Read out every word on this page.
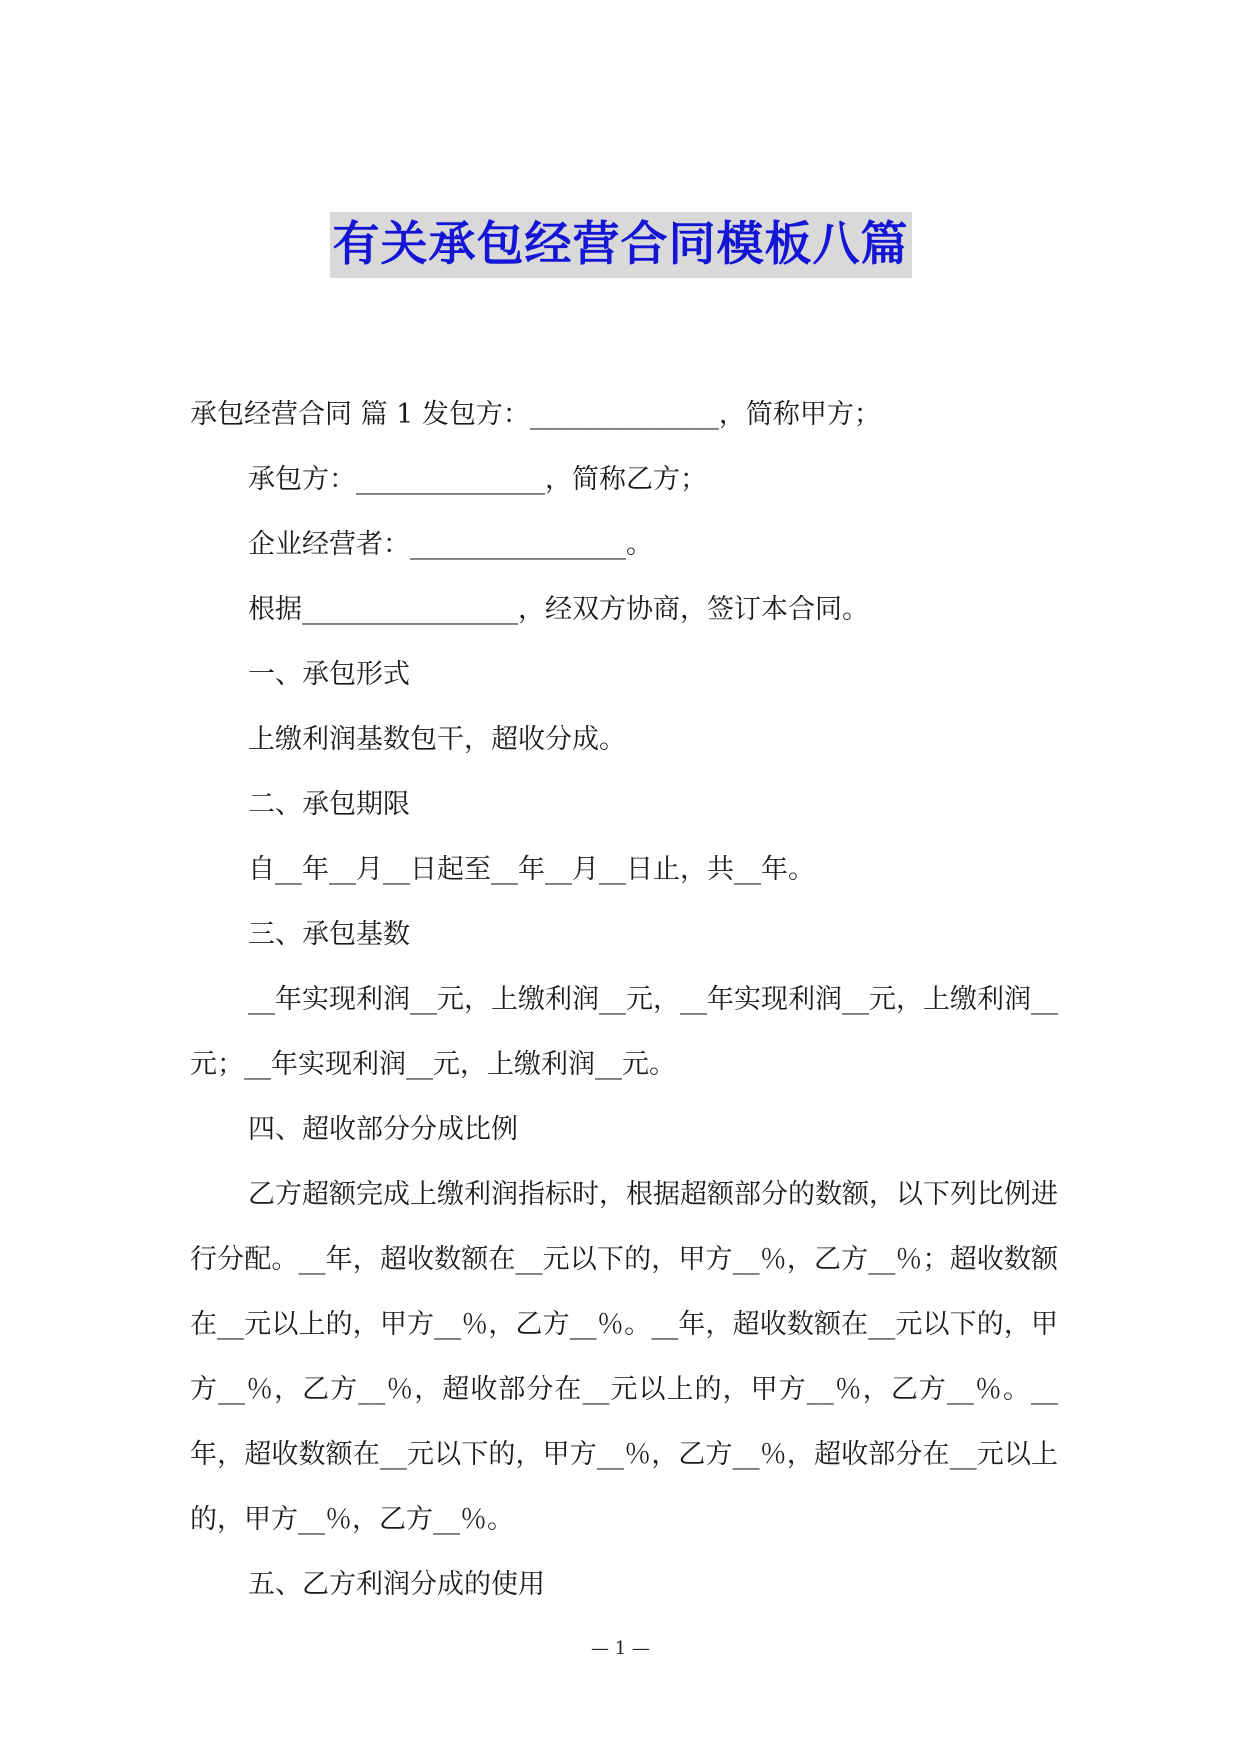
有关承包经营合同模板八篇

承包经营合同 篇 1 发包方：______________，简称甲方；

承包方：______________，简称乙方；

企业经营者：________________。

根据________________，经双方协商，签订本合同。

一、承包形式

上缴利润基数包干，超收分成。

二、承包期限

自__年__月__日起至__年__月__日止，共__年。

三、承包基数

__年实现利润__元，上缴利润__元，__年实现利润__元，上缴利润__元；__年实现利润__元，上缴利润__元。

四、超收部分分成比例

乙方超额完成上缴利润指标时，根据超额部分的数额，以下列比例进行分配。__年，超收数额在__元以下的，甲方__％，乙方__％；超收数额在__元以上的，甲方__％，乙方__％。__年，超收数额在__元以下的，甲方__％，乙方__％，超收部分在__元以上的，甲方__％，乙方__％。__年，超收数额在__元以下的，甲方__％，乙方__％，超收部分在__元以上的，甲方__％，乙方__％。

五、乙方利润分成的使用

— 1 —
